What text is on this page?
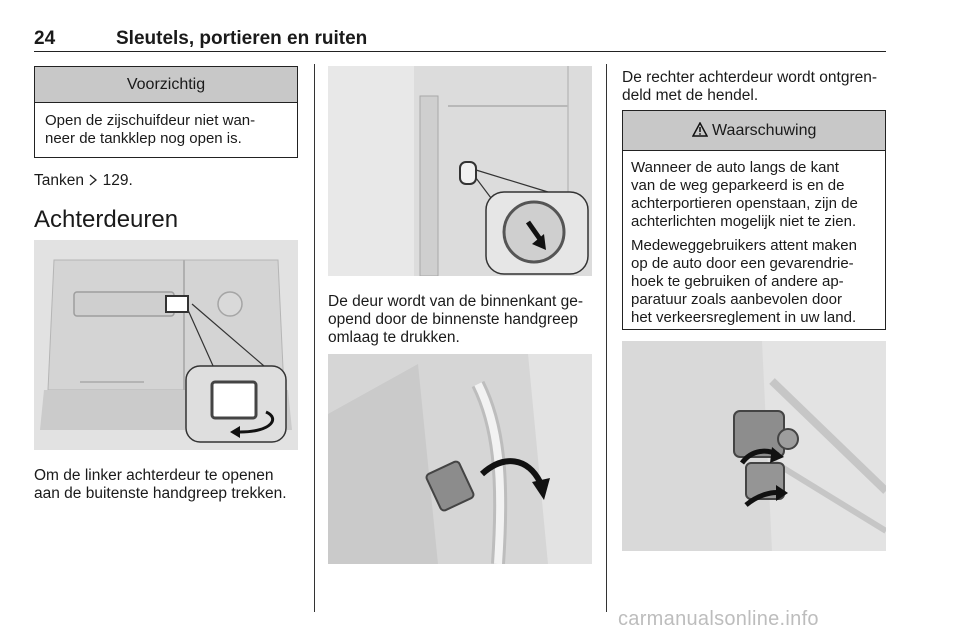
24	Sleutels, portieren en ruiten
Voorzichtig
Open de zijschuifdeur niet wan-
neer de tankklep nog open is.
Tanken 129.
Achterdeuren
Om de linker achterdeur te openen
aan de buitenste handgreep trekken.
De deur wordt van de binnenkant ge-
opend door de binnenste handgreep
omlaag te drukken.
De rechter achterdeur wordt ontgren-
deld met de hendel.
Waarschuwing

Wanneer de auto langs de kant
van de weg geparkeerd is en de
achterportieren openstaan, zijn de
achterlichten mogelijk niet te zien.

Medeweggebruikers attent maken
op de auto door een gevarendrie-
hoek te gebruiken of andere ap-
paratuur zoals aanbevolen door
het verkeersreglement in uw land.

carmanualsonline.info
